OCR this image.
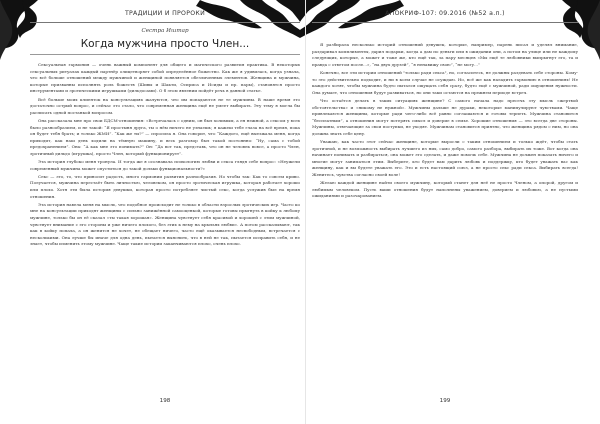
ТРАДИЦИИ И ПРОРОКИ
Сестра Иштар
Когда мужчина просто Член...

Сексуальная гармония — очень важный компонент для общего и магического развития практика. В некоторых сексуальных ритуалах каждый партнёр олицетворяет собой определённое божество. Как же я удивилась, когда узнала, что всё больше отношений между мужчиной и женщиной появляется обезличенных элементов. Женщина и мужчина, которые призванны исполнять роль божеств (Шивы и Шакти, Осириса и Исиды и пр. пары), становятся просто инструментами и эротическими игрушками (дильдосами). О б этом явлении пойдёт речь в данной статье.

Всё больше моих клиенток на консультациях жалуются, что им попадаются не те мужчины. В наше время это достаточно острый вопрос, и сейчас это стало, что современная женщина ещё не умеет выбирать. Эту тему я могла бы расписать одной постанкой вопросом.

Она рассказала мне про свои БДСМ-отношения: «Встречалась с одним, он был холимым, а ен нежной, а сексом у всех было разнообразием, и не такой: “Я простыня друга, ты о нём ничего не узнаешь; я кажеш тебе глаза на всё время, пока он будет тебя брать; и только ЖМИ”. “Как же ты?” — спросила я. Она говорит, что “Каждого, ещё выезжала меня, когда приходит, как наш день ходили на тёмную машину, и весь разговор был такой постоянно: “Ну, сама с тобой предохранением”. Она: “А как мне это понимать?” Он: “Да вот так, представь, что он не человек вовсе, а просто Член, эротичный дильдо (игрушка), просто Член, который функционирует”.

Эта история глубоко меня тронула. И тогда же я осознавала психологию любви и секса глядя себе вопрос: «Неужели современный мужчина может опуститься до такой дольки функциональности?»

Секс — это, то, что приносит радость, много гармонии развития разнообразия. Но чтобы так: Как то совсем криво. Получается, мужчина перестаёт быть личностью, человеком, он просто эротическая игрушка, которая работает хорошо или плохо. Хотя эти была история девушки, которая просто потребляет чистый секс, когда услужив был на время отношения.

Эта история навела меня на мысль, что подобное происходит не только в области взрослых эротических игр. Часто ко мне на консультации приходят женщины с сильно занижённой самооценкой, которые готовы прыгнуть в койку к любому мужчине, только бы он её сказал «ты такая хорошая». Женщина чувствует себя красивой и хорошей с этим мужчиной, чувствует внимание с его стороны и уже ничего плохого, без этих к нему на крыльях любви». А потом рассказывают, так как в койку попала, а он женится не хочет, не обещает ничего, часто ещё оказывается несвободным, встречается с несколькими. Она лучше бы иначе для одна день, пытается выяснить, что в ней не так, пытается исправить себя, и не знает, чтобы изменить этому мужчине. Чаще такие истории заканчиваются плохо, очень плохо.

198
АПОКРИФ-107: 09.2016 (№52 а.п.)

Я разбирала несколько историй отношений девушек, которые, например, парень писал и уделял внимание, раздаривал комплименты, дарил подарки, когда а дам по деньги или в ожидании они, а потом на улице или не каждому следующих, которые, а может и тоже же, кто ещё так, за пару месяцев «Мы ещё те любовники выпрыгнут его, та и правда с ответом после...», “на двух друзей”, “я ненавижу свою”, “не могу...”

Конечно, все эти истории отношений "только ради секса", но, согласитесь, не должны раздевать себе стороны. Кому-то это действительно подходит, и ни в коем случае не осуждаю. Но, всё же как наладить гармонию в отношениях! Не каждого хотят, чтобы мужчина будто пытался ощущать себя сразу, будто ещё с мужчиной, ради ощущения нужности. Она думает, что отношения будут развиваться, но они таки остаются на прежнем периоде встреч.

Что остаётся делать в таких ситуациях женщине? С самого начала надо пресечь эту мысль «жертвой обстоятельства» и «никому не нужной». Мужчины дальше не дураки, некоторые манипулируют чувствами. Чаще привлекаются женщины, которые ради чего-либо всё равно соглашаются и готовы терпеть. Мужчина становится “бесплатным”, а отношения могут потерять смысл и доверие в семье. Хорошие отношения — это всегда две стороны. Мужчины, отвечающие за свои поступки, не уходят. Мужчинам становится приятно, что женщина рядом с ним, но она должна знать себе цену.

Уважаю, как часто этот сейчас женщине, которые выросли с таким отношением и только ждёт, чтобы стать эротичной, и не возможность выбирать лучшего из них, само добро, самого разбора, выбирать их тоже. Вот когда она начинает понимать и разбираться, она может это сделать, и даже помочь себе. Мужчина не должен показать ничего и многие могут заниматься этим. Выберите, кто будет вам дарить любовь и поддержку, кто будет уважать вас как женщину, как и вы будете уважать его. Это и есть настоящий союз, а не просто секс ради секса. Выбирать всегда! Женитесь, чувства согласно своей воле!

Желаю каждой женщине найти своего мужчину, который станет для неё не просто Членом, а опорой, другом и любимым человеком. Пусть ваши отношения будут наполнены уважением, доверием и любовью, а не пустыми ожиданиями и разочарованием.

199
